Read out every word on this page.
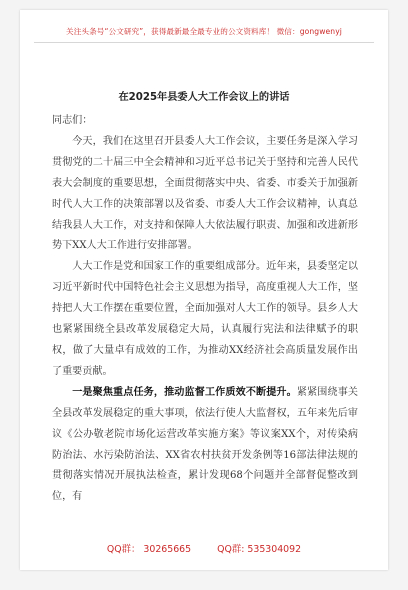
关注头条号“公文研究”，获得最新最全最专业的公文资料库！ 微信：gongwenyj
在2025年县委人大工作会议上的讲话

同志们：

今天，我们在这里召开县委人大工作会议，主要任务是深入学习贯彻党的二十届三中全会精神和习近平总书记关于坚持和完善人民代表大会制度的重要思想，全面贯彻落实中央、省委、市委关于加强新时代人大工作的决策部署以及省委、市委人大工作会议精神，认真总结我县人大工作，对支持和保障人大依法履行职责、加强和改进新形势下XX人大工作进行安排部署。

人大工作是党和国家工作的重要组成部分。近年来，县委坚定以习近平新时代中国特色社会主义思想为指导，高度重视人大工作，坚持把人大工作摆在重要位置，全面加强对人大工作的领导。县乡人大也紧紧围绕全县改革发展稳定大局，认真履行宪法和法律赋予的职权，做了大量卓有成效的工作，为推动XX经济社会高质量发展作出了重要贡献。

一是聚焦重点任务，推动监督工作质效不断提升。紧紧围绕事关全县改革发展稳定的重大事项，依法行使人大监督权，五年来先后审议《公办敬老院市场化运营改革实施方案》等议案XX个，对传染病防治法、水污染防治法、XX省农村扶贫开发条例等16部法律法规的贯彻落实情况开展执法检查，累计发现68个问题并全部督促整改到位，有

QQ群： 30265665	QQ群: 535304092
